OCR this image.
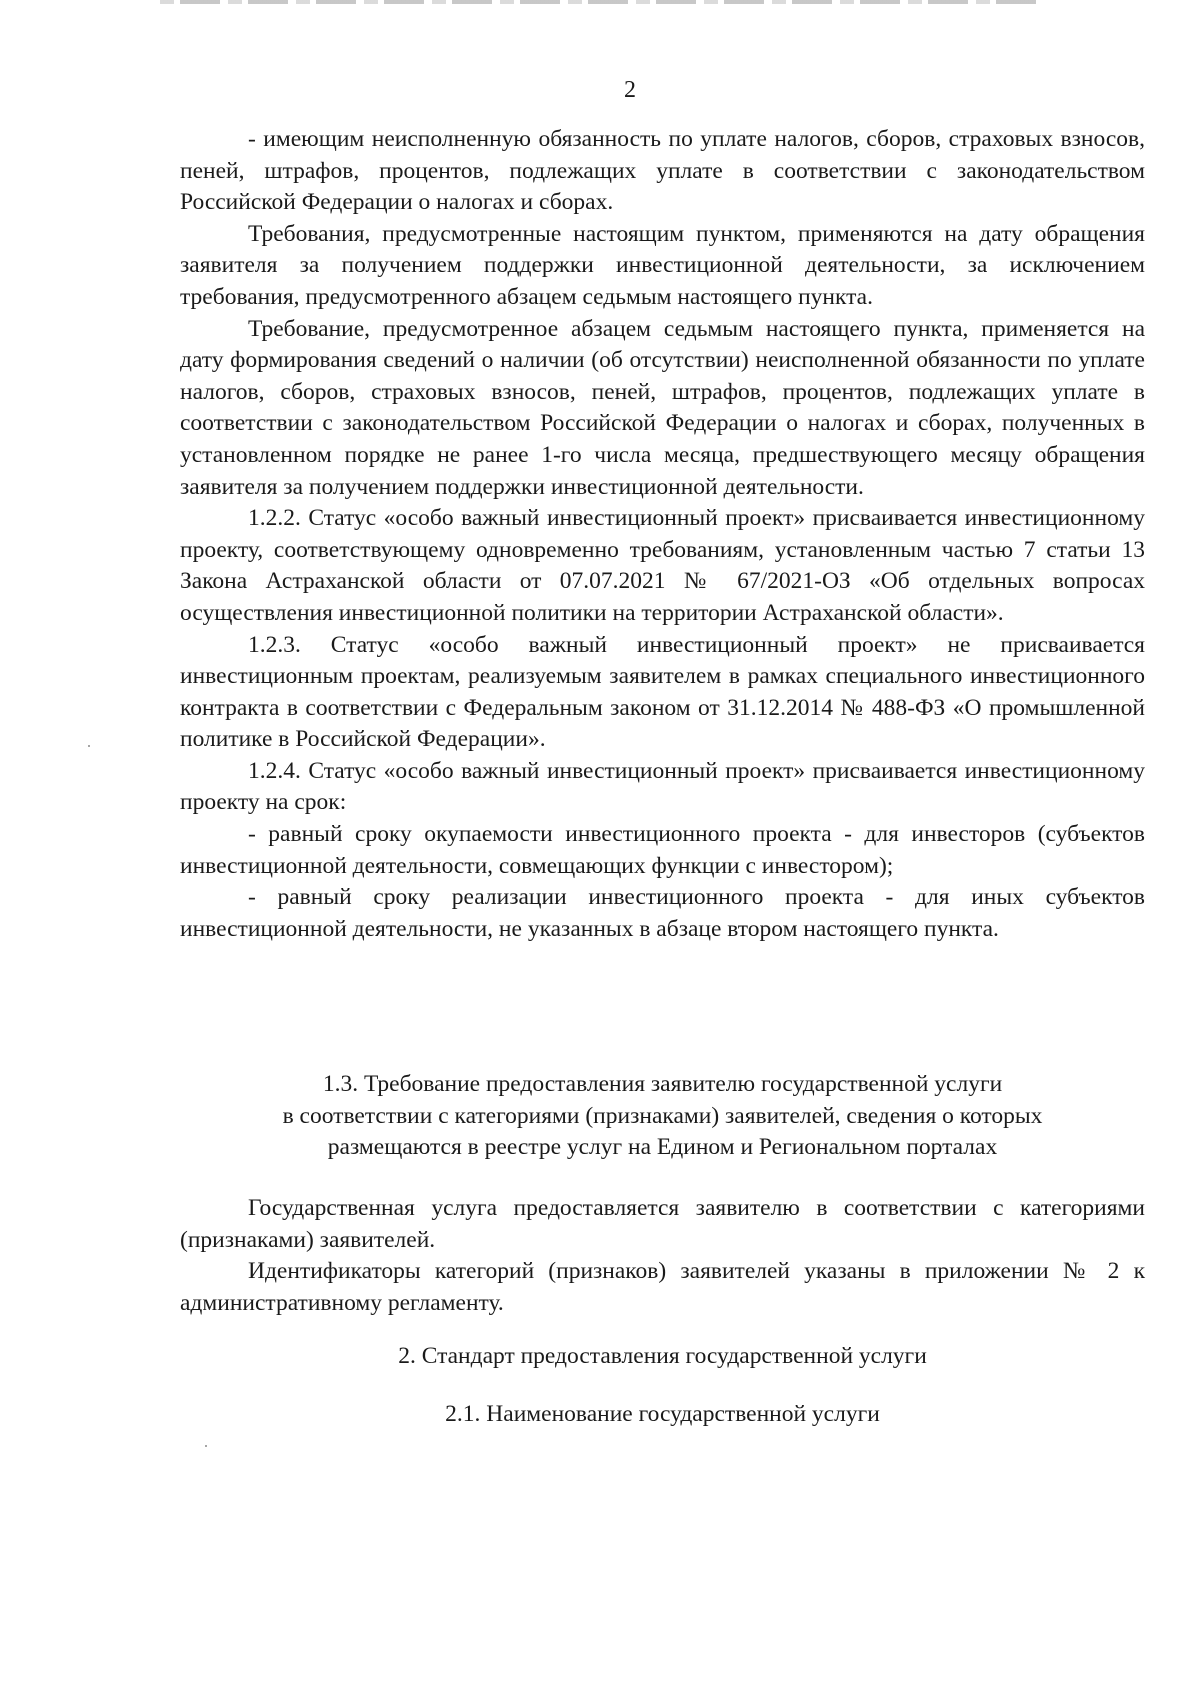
2

- имеющим неисполненную обязанность по уплате налогов, сборов, страховых взносов, пеней, штрафов, процентов, подлежащих уплате в соответствии с законодательством Российской Федерации о налогах и сборах.

Требования, предусмотренные настоящим пунктом, применяются на дату обращения заявителя за получением поддержки инвестиционной деятельности, за исключением требования, предусмотренного абзацем седьмым настоящего пункта.

Требование, предусмотренное абзацем седьмым настоящего пункта, применяется на дату формирования сведений о наличии (об отсутствии) неисполненной обязанности по уплате налогов, сборов, страховых взносов, пеней, штрафов, процентов, подлежащих уплате в соответствии с законодательством Российской Федерации о налогах и сборах, полученных в установленном порядке не ранее 1-го числа месяца, предшествующего месяцу обращения заявителя за получением поддержки инвестиционной деятельности.

1.2.2. Статус «особо важный инвестиционный проект» присваивается инвестиционному проекту, соответствующему одновременно требованиям, установленным частью 7 статьи 13 Закона Астраханской области от 07.07.2021 № 67/2021-ОЗ «Об отдельных вопросах осуществления инвестиционной политики на территории Астраханской области».

1.2.3. Статус «особо важный инвестиционный проект» не присваивается инвестиционным проектам, реализуемым заявителем в рамках специального инвестиционного контракта в соответствии с Федеральным законом от 31.12.2014 № 488-ФЗ «О промышленной политике в Российской Федерации».

1.2.4. Статус «особо важный инвестиционный проект» присваивается инвестиционному проекту на срок:

- равный сроку окупаемости инвестиционного проекта - для инвесторов (субъектов инвестиционной деятельности, совмещающих функции с инвестором);

- равный сроку реализации инвестиционного проекта - для иных субъектов инвестиционной деятельности, не указанных в абзаце втором настоящего пункта.

1.3. Требование предоставления заявителю государственной услуги
в соответствии с категориями (признаками) заявителей, сведения о которых
размещаются в реестре услуг на Едином и Региональном порталах

Государственная услуга предоставляется заявителю в соответствии с категориями (признаками) заявителей.

Идентификаторы категорий (признаков) заявителей указаны в приложении № 2 к административному регламенту.

2. Стандарт предоставления государственной услуги
2.1. Наименование государственной услуги
